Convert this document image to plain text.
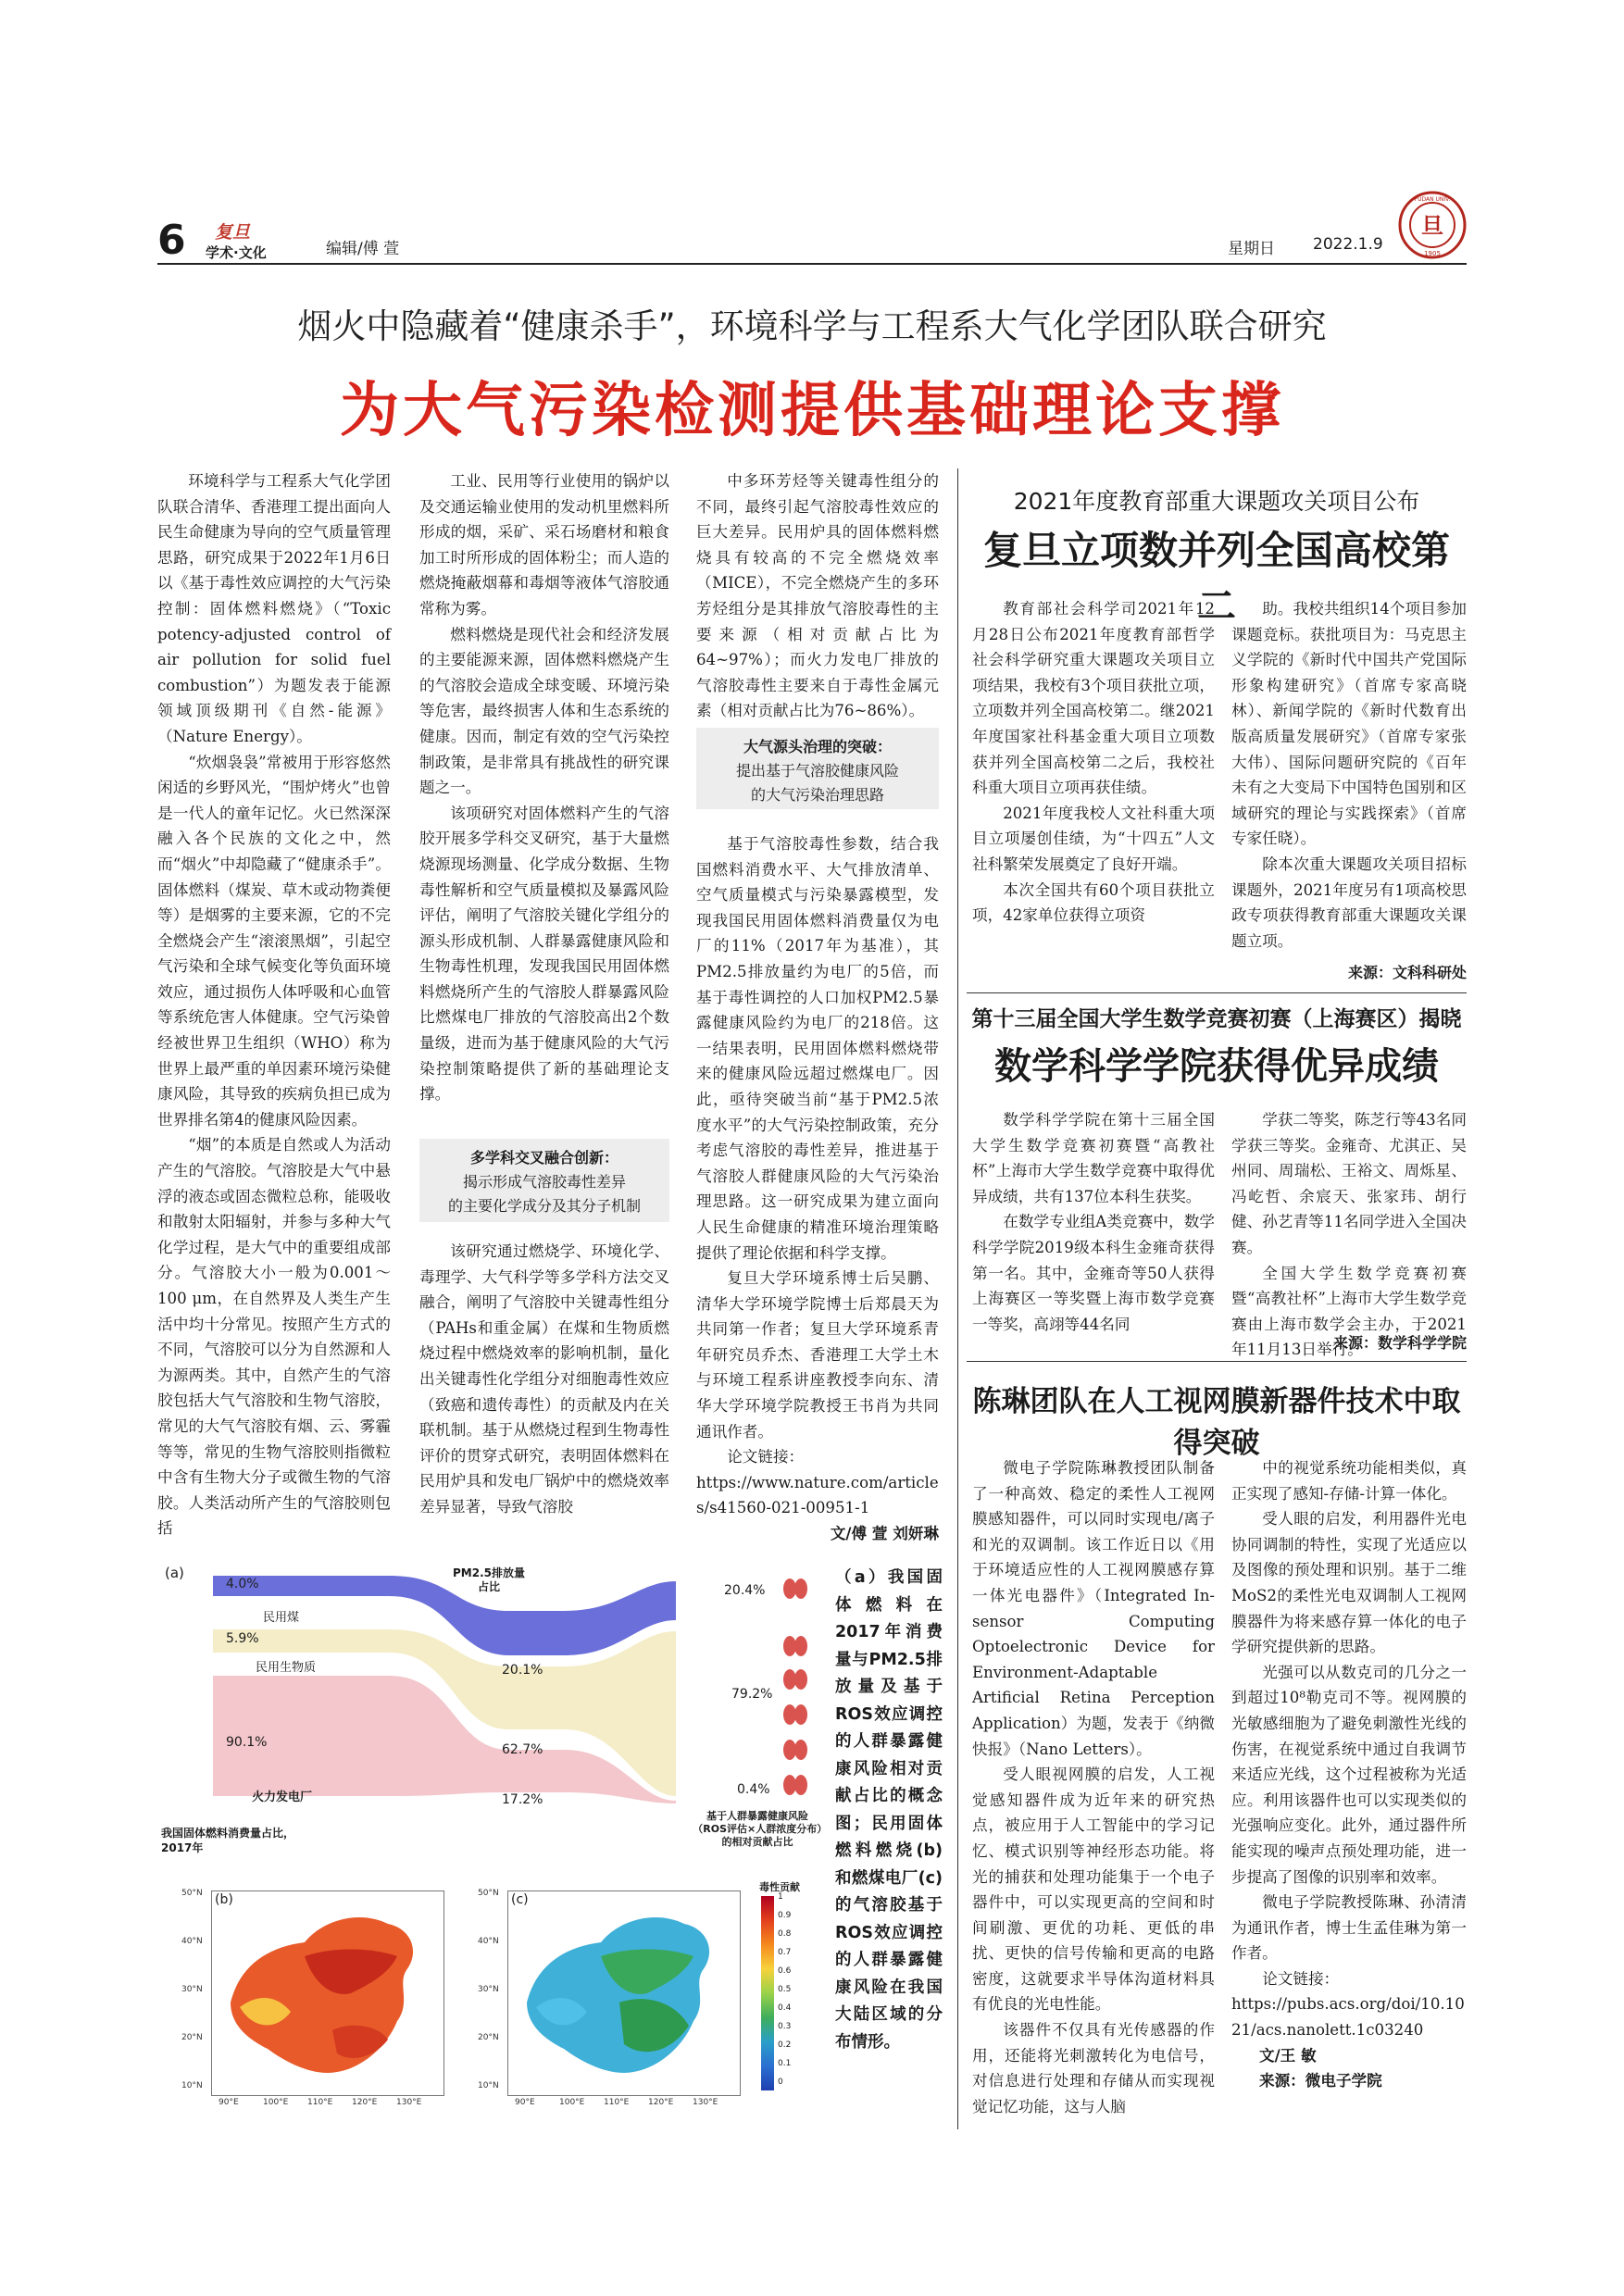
6 复旦
学术·文化	编辑/傅 萱	星期日 2022.1.9
旦
FUDAN UNIV.
1905
烟火中隐藏着“健康杀手”，环境科学与工程系大气化学团队联合研究
为大气污染检测提供基础理论支撑

环境科学与工程系大气化学团队联合清华、香港理工提出面向人民生命健康为导向的空气质量管理思路，研究成果于2022年1月6日以《基于毒性效应调控的大气污染控制：固体燃料燃烧》（“Toxic potency-adjusted control of air pollution for solid fuel combustion”）为题发表于能源领域顶级期刊《自然-能源》（Nature Energy）。

“炊烟袅袅”常被用于形容悠然闲适的乡野风光，“围炉烤火”也曾是一代人的童年记忆。火已然深深融入各个民族的文化之中，然而“烟火”中却隐藏了“健康杀手”。固体燃料（煤炭、草木或动物粪便等）是烟雾的主要来源，它的不完全燃烧会产生“滚滚黑烟”，引起空气污染和全球气候变化等负面环境效应，通过损伤人体呼吸和心血管等系统危害人体健康。空气污染曾经被世界卫生组织（WHO）称为世界上最严重的单因素环境污染健康风险，其导致的疾病负担已成为世界排名第4的健康风险因素。

“烟”的本质是自然或人为活动产生的气溶胶。气溶胶是大气中悬浮的液态或固态微粒总称，能吸收和散射太阳辐射，并参与多种大气化学过程，是大气中的重要组成部分。气溶胶大小一般为0.001～100 μm，在自然界及人类生产生活中均十分常见。按照产生方式的不同，气溶胶可以分为自然源和人为源两类。其中，自然产生的气溶胶包括大气气溶胶和生物气溶胶，常见的大气气溶胶有烟、云、雾霾等等，常见的生物气溶胶则指微粒中含有生物大分子或微生物的气溶胶。人类活动所产生的气溶胶则包括

工业、民用等行业使用的锅炉以及交通运输业使用的发动机里燃料所形成的烟，采矿、采石场磨材和粮食加工时所形成的固体粉尘；而人造的燃烧掩蔽烟幕和毒烟等液体气溶胶通常称为雾。

燃料燃烧是现代社会和经济发展的主要能源来源，固体燃料燃烧产生的气溶胶会造成全球变暖、环境污染等危害，最终损害人体和生态系统的健康。因而，制定有效的空气污染控制政策，是非常具有挑战性的研究课题之一。

该项研究对固体燃料产生的气溶胶开展多学科交叉研究，基于大量燃烧源现场测量、化学成分数据、生物毒性解析和空气质量模拟及暴露风险评估，阐明了气溶胶关键化学组分的源头形成机制、人群暴露健康风险和生物毒性机理，发现我国民用固体燃料燃烧所产生的气溶胶人群暴露风险比燃煤电厂排放的气溶胶高出2个数量级，进而为基于健康风险的大气污染控制策略提供了新的基础理论支撑。

多学科交叉融合创新：
揭示形成气溶胶毒性差异
的主要化学成分及其分子机制

该研究通过燃烧学、环境化学、毒理学、大气科学等多学科方法交叉融合，阐明了气溶胶中关键毒性组分（PAHs和重金属）在煤和生物质燃烧过程中燃烧效率的影响机制，量化出关键毒性化学组分对细胞毒性效应（致癌和遗传毒性）的贡献及内在关联机制。基于从燃烧过程到生物毒性评价的贯穿式研究，表明固体燃料在民用炉具和发电厂锅炉中的燃烧效率差异显著，导致气溶胶

中多环芳烃等关键毒性组分的不同，最终引起气溶胶毒性效应的巨大差异。民用炉具的固体燃料燃烧具有较高的不完全燃烧效率（MICE），不完全燃烧产生的多环芳烃组分是其排放气溶胶毒性的主要来源（相对贡献占比为64~97%）；而火力发电厂排放的气溶胶毒性主要来自于毒性金属元素（相对贡献占比为76~86%）。

大气源头治理的突破：
提出基于气溶胶健康风险
的大气污染治理思路

基于气溶胶毒性参数，结合我国燃料消费水平、大气排放清单、空气质量模式与污染暴露模型，发现我国民用固体燃料消费量仅为电厂的11%（2017年为基准），其PM2.5排放量约为电厂的5倍，而基于毒性调控的人口加权PM2.5暴露健康风险约为电厂的218倍。这一结果表明，民用固体燃料燃烧带来的健康风险远超过燃煤电厂。因此，亟待突破当前“基于PM2.5浓度水平”的大气污染控制政策，充分考虑气溶胶的毒性差异，推进基于气溶胶人群健康风险的大气污染治理思路。这一研究成果为建立面向人民生命健康的精准环境治理策略提供了理论依据和科学支撑。

复旦大学环境系博士后吴鹏、清华大学环境学院博士后郑晨天为共同第一作者；复旦大学环境系青年研究员乔杰、香港理工大学土木与环境工程系讲座教授李向东、清华大学环境学院教授王书肖为共同通讯作者。

论文链接：

https://www.nature.com/articles/s41560-021-00951-1

文/傅 萱 刘妍琳

(a)
4.0%
民用煤
5.9%
民用生物质
90.1%
火力发电厂
我国固体燃料消费量占比，2017年
PM2.5排放量占比
20.1%
62.7%
17.2%
20.4%
79.2%
0.4%
基于人群暴露健康风险（ROS评估×人群浓度分布）的相对贡献占比
(b)	(c)
50°N
40°N
30°N
20°N
10°N
90°E	100°E 110°E 120°E 130°E
50°N
40°N
30°N
20°N
10°N
90°E	100°E 110°E 120°E 130°E
毒性贡献
1
0.9
0.8
0.7
0.6
0.5
0.4
0.3
0.2
0.1
0
（a）我国固体燃料在2017年消费量与PM2.5排放量及基于ROS效应调控的人群暴露健康风险相对贡献占比的概念图；民用固体燃料燃烧(b)和燃煤电厂(c)的气溶胶基于ROS效应调控的人群暴露健康风险在我国大陆区域的分布情形。
2021年度教育部重大课题攻关项目公布
复旦立项数并列全国高校第二

教育部社会科学司2021年12月28日公布2021年度教育部哲学社会科学研究重大课题攻关项目立项结果，我校有3个项目获批立项，立项数并列全国高校第二。继2021年度国家社科基金重大项目立项数获并列全国高校第二之后，我校社科重大项目立项再获佳绩。

2021年度我校人文社科重大项目立项屡创佳绩，为“十四五”人文社科繁荣发展奠定了良好开端。

本次全国共有60个项目获批立项，42家单位获得立项资

助。我校共组织14个项目参加课题竞标。获批项目为：马克思主义学院的《新时代中国共产党国际形象构建研究》（首席专家高晓林）、新闻学院的《新时代数育出版高质量发展研究》（首席专家张大伟）、国际问题研究院的《百年未有之大变局下中国特色国别和区域研究的理论与实践探索》（首席专家任晓）。

除本次重大课题攻关项目招标课题外，2021年度另有1项高校思政专项获得教育部重大课题攻关课题立项。

来源：文科科研处
第十三届全国大学生数学竞赛初赛（上海赛区）揭晓
数学科学学院获得优异成绩

数学科学学院在第十三届全国大学生数学竞赛初赛暨“高教社杯”上海市大学生数学竞赛中取得优异成绩，共有137位本科生获奖。

在数学专业组A类竞赛中，数学科学学院2019级本科生金雍奇获得第一名。其中，金雍奇等50人获得上海赛区一等奖暨上海市数学竞赛一等奖，高翊等44名同

学获二等奖，陈芝行等43名同学获三等奖。金雍奇、尤淇正、吴州同、周瑞松、王裕文、周烁星、冯屹哲、余宸天、张家玮、胡行健、孙艺青等11名同学进入全国决赛。

全国大学生数学竞赛初赛暨“高教社杯”上海市大学生数学竞赛由上海市数学会主办，于2021年11月13日举行。

来源：数学科学学院
陈琳团队在人工视网膜新器件技术中取得突破

微电子学院陈琳教授团队制备了一种高效、稳定的柔性人工视网膜感知器件，可以同时实现电/离子和光的双调制。该工作近日以《用于环境适应性的人工视网膜感存算一体光电器件》（Integrated In-sensor Computing Optoelectronic Device for Environment-Adaptable Artificial Retina Perception Application）为题，发表于《纳微快报》（Nano Letters）。

受人眼视网膜的启发，人工视觉感知器件成为近年来的研究热点，被应用于人工智能中的学习记忆、模式识别等神经形态功能。将光的捕获和处理功能集于一个电子器件中，可以实现更高的空间和时间刷激、更优的功耗、更低的串扰、更快的信号传输和更高的电路密度，这就要求半导体沟道材料具有优良的光电性能。

该器件不仅具有光传感器的作用，还能将光刺激转化为电信号，对信息进行处理和存储从而实现视觉记忆功能，这与人脑

中的视觉系统功能相类似，真正实现了感知-存储-计算一体化。

受人眼的启发，利用器件光电协同调制的特性，实现了光适应以及图像的预处理和识别。基于二维MoS2的柔性光电双调制人工视网膜器件为将来感存算一体化的电子学研究提供新的思路。

光强可以从数克司的几分之一到超过10⁸勒克司不等。视网膜的光敏感细胞为了避免刺激性光线的伤害，在视觉系统中通过自我调节来适应光线，这个过程被称为光适应。利用该器件也可以实现类似的光强响应变化。此外，通过器件所能实现的噪声点预处理功能，进一步提高了图像的识别率和效率。

微电子学院教授陈琳、孙清清为通讯作者，博士生孟佳琳为第一作者。

论文链接：

https://pubs.acs.org/doi/10.1021/acs.nanolett.1c03240

文/王 敏

来源：微电子学院
